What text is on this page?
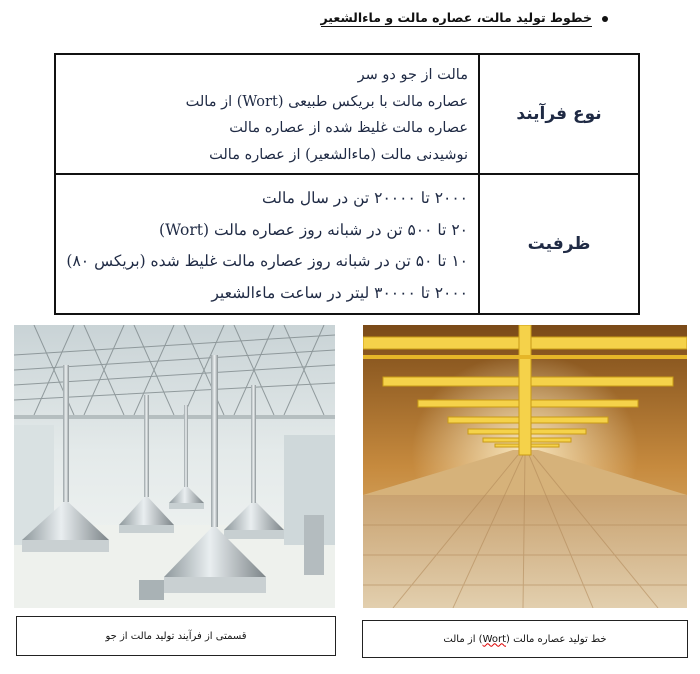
خطوط تولید مالت، عصاره مالت و ماءالشعیر
نوع فرآیند
مالت از جو دو سر
عصاره مالت با بریکس طبیعی (Wort) از مالت
عصاره مالت غلیظ شده از عصاره مالت
نوشیدنی مالت (ماءالشعیر) از عصاره مالت
ظرفیت
۲۰۰۰ تا ۲۰۰۰۰ تن در سال مالت
۲۰ تا ۵۰۰ تن در شبانه روز عصاره مالت (Wort)
۱۰ تا ۵۰ تن در شبانه روز عصاره مالت غلیظ شده (بریکس ۸۰)
۲۰۰۰ تا ۳۰۰۰۰ لیتر در ساعت ماءالشعیر
قسمتی از فرآیند تولید مالت از جو	خط تولید عصاره مالت (Wort) از مالت
